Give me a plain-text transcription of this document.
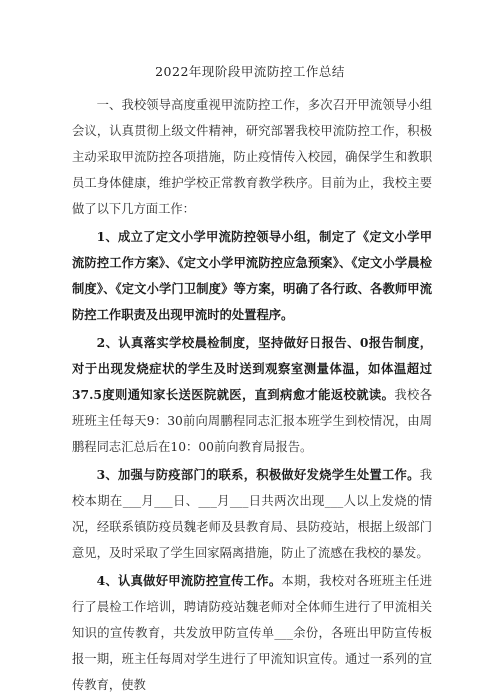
2022年现阶段甲流防控工作总结

一、我校领导高度重视甲流防控工作，多次召开甲流领导小组会议，认真贯彻上级文件精神，研究部署我校甲流防控工作，积极主动采取甲流防控各项措施，防止疫情传入校园，确保学生和教职员工身体健康，维护学校正常教育教学秩序。目前为止，我校主要做了以下几方面工作：

1、成立了定文小学甲流防控领导小组，制定了《定文小学甲流防控工作方案》、《定文小学甲流防控应急预案》、《定文小学晨检制度》、《定文小学门卫制度》等方案，明确了各行政、各教师甲流防控工作职责及出现甲流时的处置程序。

2、认真落实学校晨检制度，坚持做好日报告、0报告制度，对于出现发烧症状的学生及时送到观察室测量体温，如体温超过37.5度则通知家长送医院就医，直到病愈才能返校就读。我校各班班主任每天9：30前向周鹏程同志汇报本班学生到校情况，由周鹏程同志汇总后在10：00前向教育局报告。

3、加强与防疫部门的联系，积极做好发烧学生处置工作。我校本期在___月___日、___月___日共两次出现___人以上发烧的情况，经联系镇防疫员魏老师及县教育局、县防疫站，根据上级部门意见，及时采取了学生回家隔离措施，防止了流感在我校的暴发。

4、认真做好甲流防控宣传工作。本期，我校对各班班主任进行了晨检工作培训，聘请防疫站魏老师对全体师生进行了甲流相关知识的宣传教育，共发放甲防宣传单___余份，各班出甲防宣传板报一期，班主任每周对学生进行了甲流知识宣传。通过一系列的宣传教育，使教
